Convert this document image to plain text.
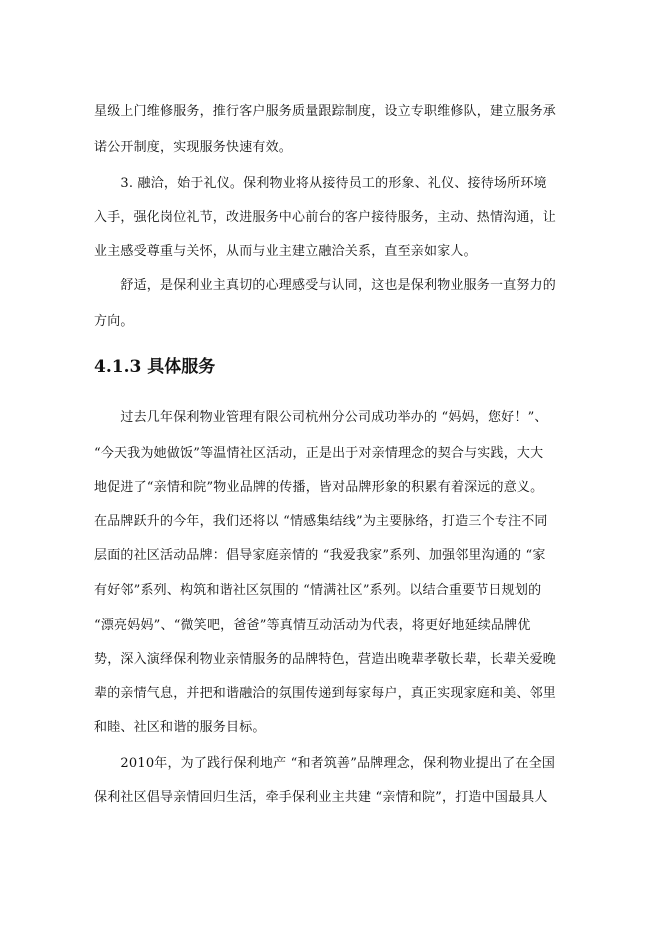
星级上门维修服务，推行客户服务质量跟踪制度，设立专职维修队，建立服务承
诺公开制度，实现服务快速有效。
　　3. 融洽，始于礼仪。保利物业将从接待员工的形象、礼仪、接待场所环境
入手，强化岗位礼节，改进服务中心前台的客户接待服务，主动、热情沟通，让
业主感受尊重与关怀，从而与业主建立融洽关系，直至亲如家人。
　　舒适，是保利业主真切的心理感受与认同，这也是保利物业服务一直努力的
方向。
4.1.3 具体服务
　　过去几年保利物业管理有限公司杭州分公司成功举办的 “妈妈，您好！”、
“今天我为她做饭”等温情社区活动，正是出于对亲情理念的契合与实践，大大
地促进了“亲情和院”物业品牌的传播，皆对品牌形象的积累有着深远的意义。
在品牌跃升的今年，我们还将以 “情感集结线”为主要脉络，打造三个专注不同
层面的社区活动品牌：倡导家庭亲情的 “我爱我家”系列、加强邻里沟通的 “家
有好邻”系列、构筑和谐社区氛围的 “情满社区”系列。以结合重要节日规划的
“漂亮妈妈”、“微笑吧，爸爸”等真情互动活动为代表，将更好地延续品牌优
势，深入演绎保利物业亲情服务的品牌特色，营造出晚辈孝敬长辈，长辈关爱晚
辈的亲情气息，并把和谐融洽的氛围传递到每家每户，真正实现家庭和美、邻里
和睦、社区和谐的服务目标。
　　2010年，为了践行保利地产 “和者筑善”品牌理念，保利物业提出了在全国
保利社区倡导亲情回归生活，牵手保利业主共建 “亲情和院”，打造中国最具人
